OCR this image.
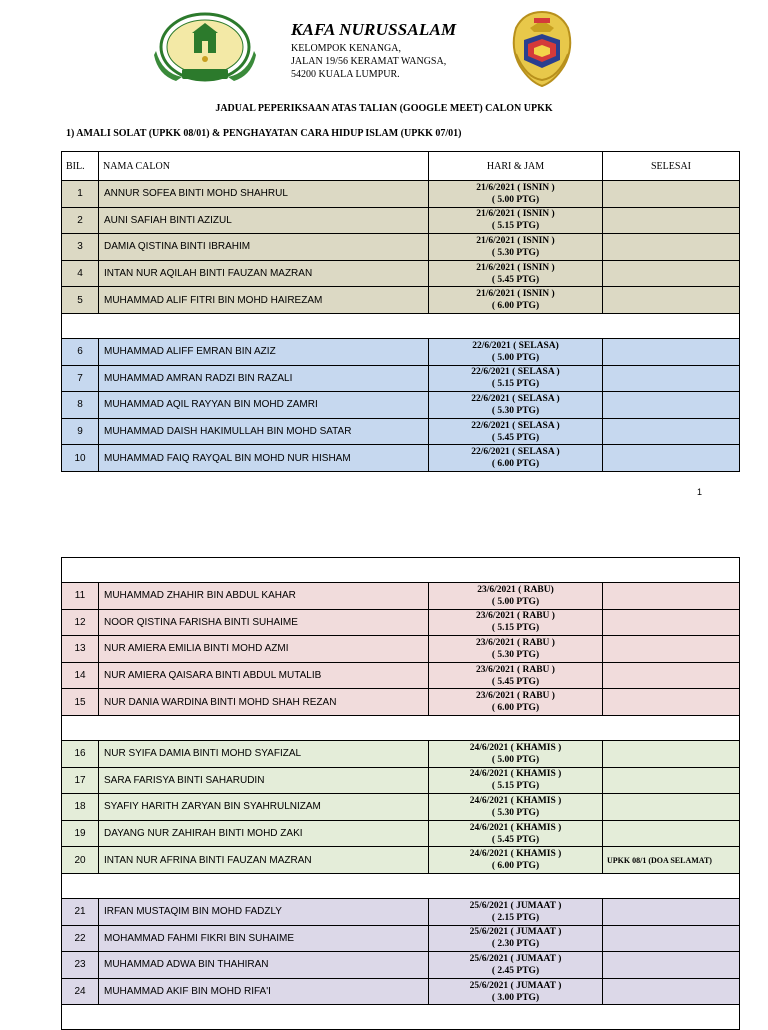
KAFA NURUSSALAM
KELOMPOK KENANGA,
JALAN 19/56 KERAMAT WANGSA,
54200 KUALA LUMPUR.
JADUAL PEPERIKSAAN ATAS TALIAN (GOOGLE MEET) CALON UPKK
1) AMALI SOLAT (UPKK 08/01) & PENGHAYATAN CARA HIDUP ISLAM (UPKK 07/01)
BIL.	NAMA CALON	HARI & JAM	SELESAI
1	ANNUR SOFEA BINTI MOHD SHAHRUL	21/6/2021 ( ISNIN )
( 5.00 PTG)	

2	AUNI SAFIAH BINTI AZIZUL	21/6/2021 ( ISNIN )
( 5.15 PTG)	

3	DAMIA QISTINA BINTI IBRAHIM	21/6/2021 ( ISNIN )
( 5.30 PTG)	

4	INTAN NUR AQILAH BINTI FAUZAN MAZRAN	21/6/2021 ( ISNIN )
( 5.45 PTG)	

5	MUHAMMAD ALIF FITRI BIN MOHD HAIREZAM	21/6/2021 ( ISNIN )
( 6.00 PTG)	

6	MUHAMMAD ALIFF EMRAN BIN AZIZ	22/6/2021 ( SELASA)
( 5.00 PTG)	

7	MUHAMMAD AMRAN RADZI BIN RAZALI	22/6/2021 ( SELASA )
( 5.15 PTG)	

8	MUHAMMAD AQIL RAYYAN BIN MOHD ZAMRI	22/6/2021 ( SELASA )
( 5.30 PTG)	

9	MUHAMMAD DAISH HAKIMULLAH BIN MOHD SATAR	22/6/2021 ( SELASA )
( 5.45 PTG)	

10	MUHAMMAD FAIQ RAYQAL BIN MOHD NUR HISHAM	22/6/2021 ( SELASA )
( 6.00 PTG)	

1

11	MUHAMMAD ZHAHIR BIN ABDUL KAHAR	23/6/2021 ( RABU)
( 5.00 PTG)	

12	NOOR QISTINA FARISHA BINTI SUHAIME	23/6/2021 ( RABU )
( 5.15 PTG)	

13	NUR AMIERA EMILIA BINTI MOHD AZMI	23/6/2021 ( RABU )
( 5.30 PTG)	

14	NUR AMIERA QAISARA BINTI ABDUL MUTALIB	23/6/2021 ( RABU )
( 5.45 PTG)	

15	NUR DANIA WARDINA BINTI MOHD SHAH REZAN	23/6/2021 ( RABU )
( 6.00 PTG)	

16	NUR SYIFA DAMIA BINTI MOHD SYAFIZAL	24/6/2021 ( KHAMIS )
( 5.00 PTG)	

17	SARA FARISYA BINTI SAHARUDIN	24/6/2021 ( KHAMIS )
( 5.15 PTG)	

18	SYAFIY HARITH ZARYAN BIN SYAHRULNIZAM	24/6/2021 ( KHAMIS )
( 5.30 PTG)	

19	DAYANG NUR ZAHIRAH BINTI MOHD ZAKI	24/6/2021 ( KHAMIS )
( 5.45 PTG)	

20	INTAN NUR AFRINA BINTI FAUZAN MAZRAN	24/6/2021 ( KHAMIS )
( 6.00 PTG)	UPKK 08/1 (DOA SELAMAT)

21	IRFAN MUSTAQIM BIN MOHD FADZLY	25/6/2021 ( JUMAAT )
( 2.15 PTG)	

22	MOHAMMAD FAHMI FIKRI BIN SUHAIME	25/6/2021 ( JUMAAT )
( 2.30 PTG)	

23	MUHAMMAD ADWA BIN THAHIRAN	25/6/2021 ( JUMAAT )
( 2.45 PTG)	

24	MUHAMMAD AKIF BIN MOHD RIFA'I	25/6/2021 ( JUMAAT )
( 3.00 PTG)	
